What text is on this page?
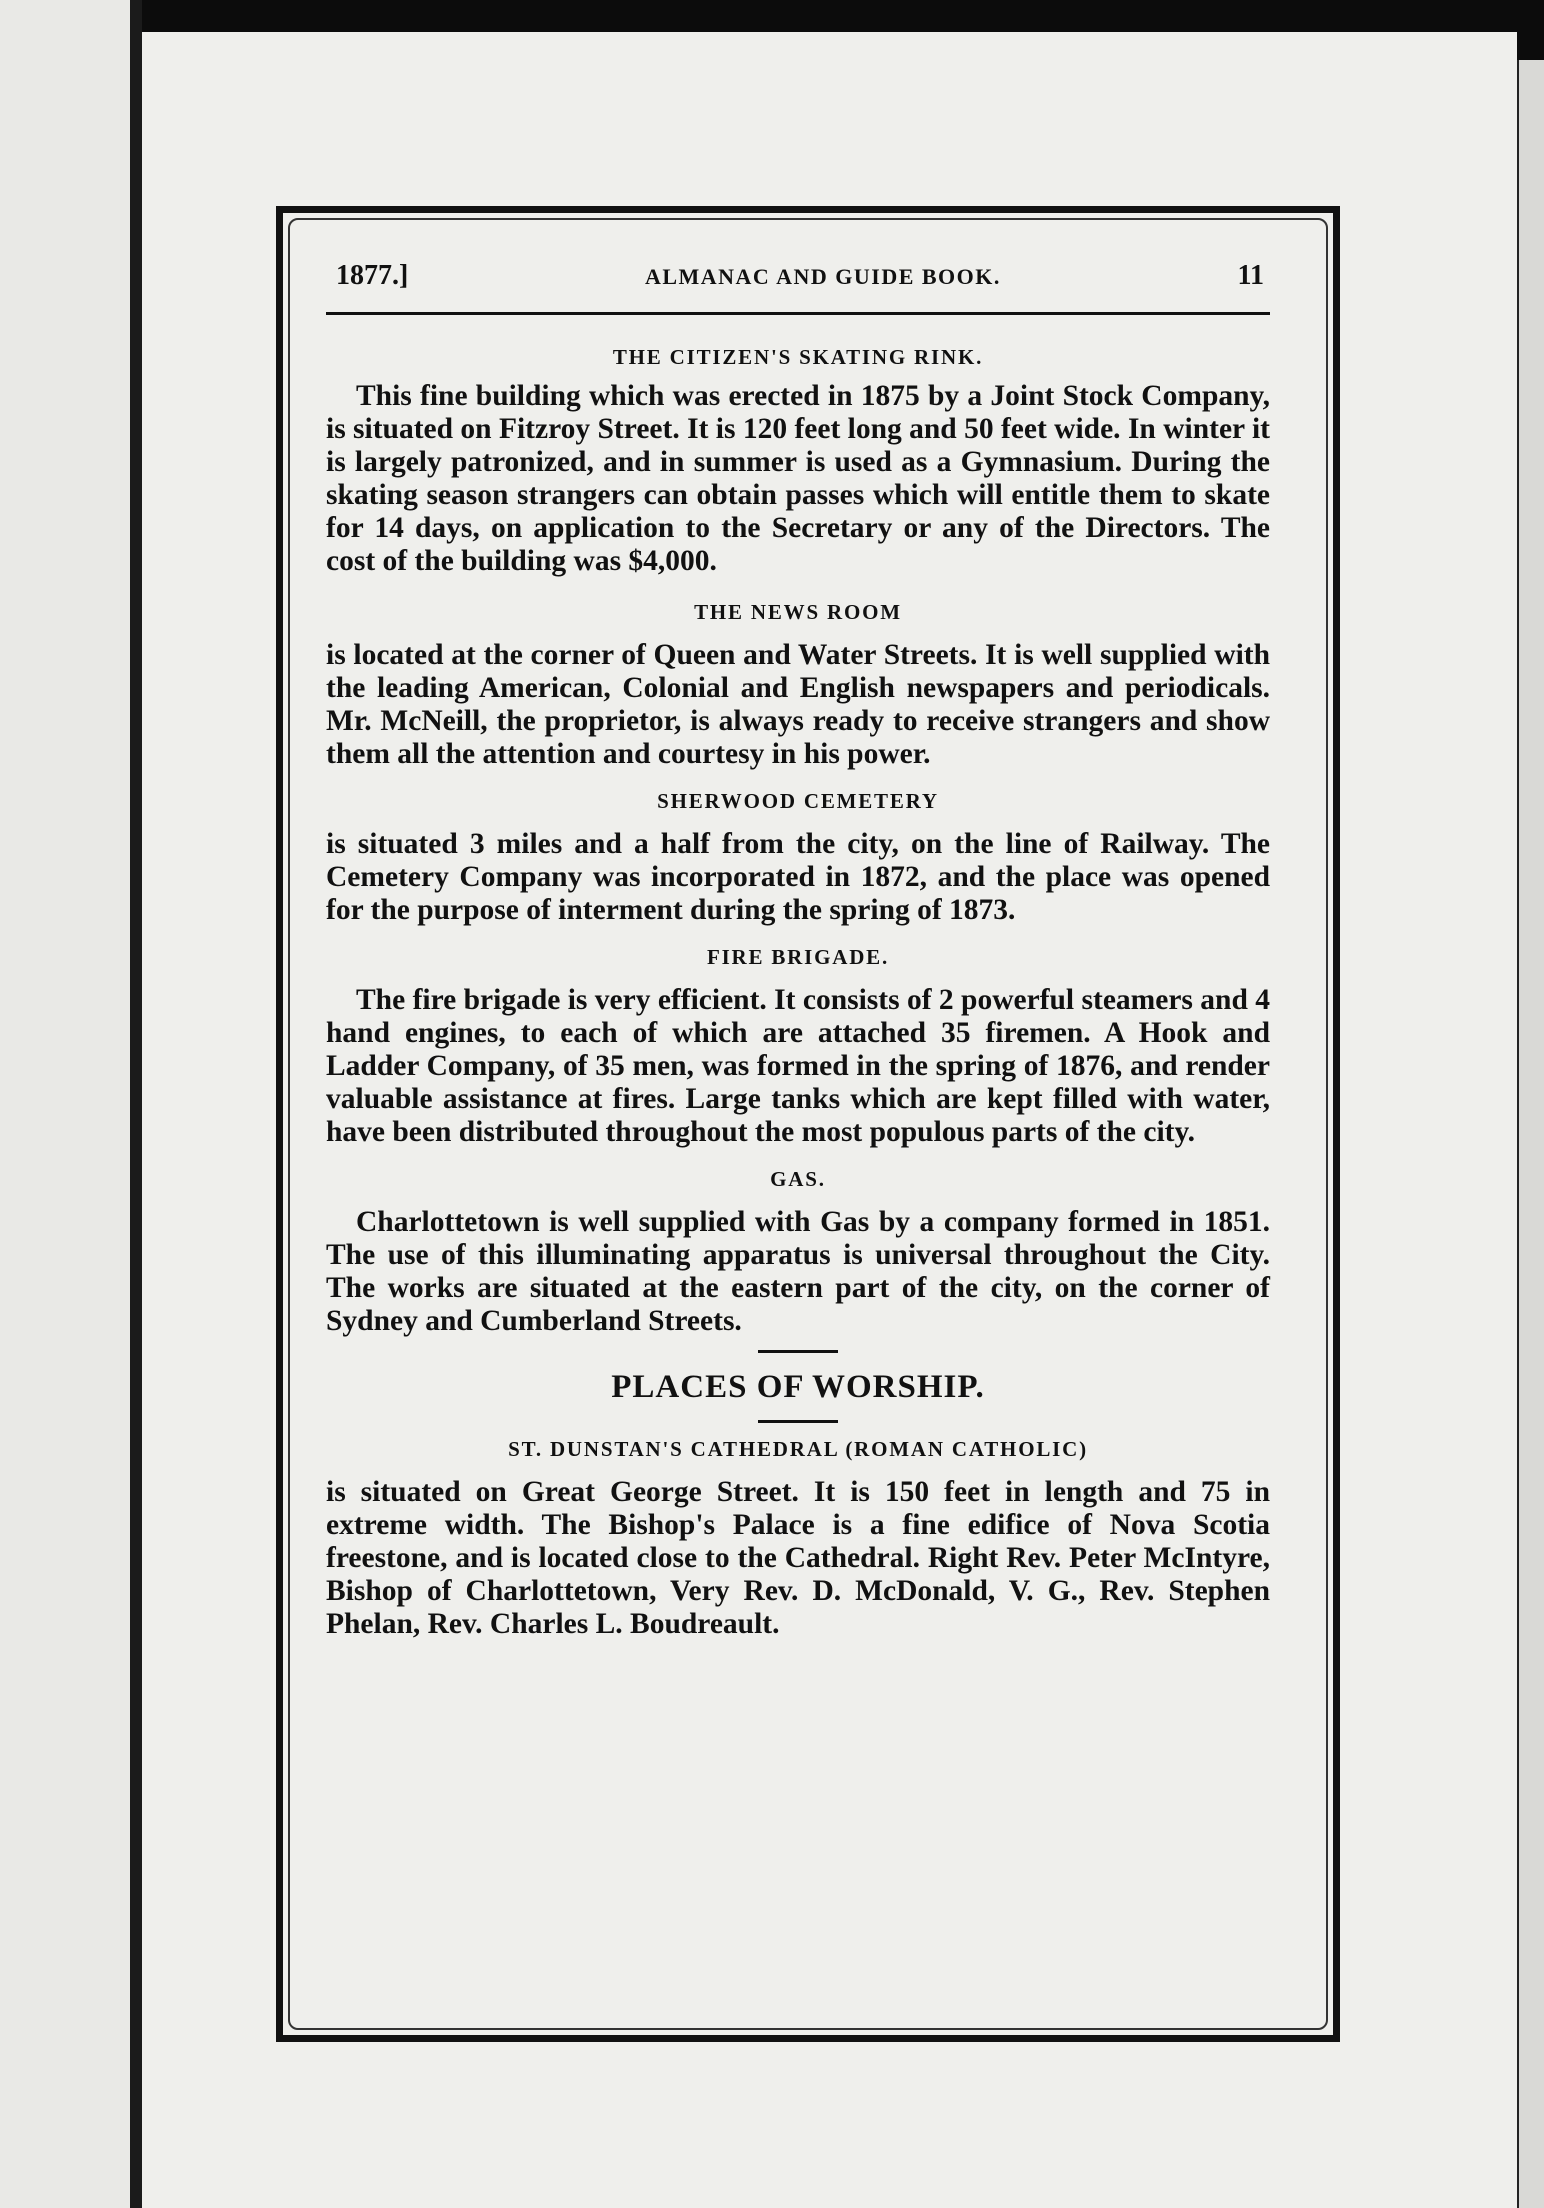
1877.]	ALMANAC AND GUIDE BOOK.	11
THE CITIZEN'S SKATING RINK.

This fine building which was erected in 1875 by a Joint Stock Company, is situated on Fitzroy Street. It is 120 feet long and 50 feet wide. In winter it is largely patronized, and in summer is used as a Gymnasium. During the skating season strangers can obtain passes which will entitle them to skate for 14 days, on application to the Secretary or any of the Directors. The cost of the building was $4,000.

THE NEWS ROOM

is located at the corner of Queen and Water Streets. It is well supplied with the leading American, Colonial and English newspapers and periodicals. Mr. McNeill, the proprietor, is always ready to receive strangers and show them all the attention and courtesy in his power.

SHERWOOD CEMETERY

is situated 3 miles and a half from the city, on the line of Railway. The Cemetery Company was incorporated in 1872, and the place was opened for the purpose of interment during the spring of 1873.

FIRE BRIGADE.

The fire brigade is very efficient. It consists of 2 powerful steamers and 4 hand engines, to each of which are attached 35 firemen. A Hook and Ladder Company, of 35 men, was formed in the spring of 1876, and render valuable assistance at fires. Large tanks which are kept filled with water, have been distributed throughout the most populous parts of the city.

GAS.

Charlottetown is well supplied with Gas by a company formed in 1851. The use of this illuminating apparatus is universal throughout the City. The works are situated at the eastern part of the city, on the corner of Sydney and Cumberland Streets.

PLACES OF WORSHIP.
ST. DUNSTAN'S CATHEDRAL (ROMAN CATHOLIC)

is situated on Great George Street. It is 150 feet in length and 75 in extreme width. The Bishop's Palace is a fine edifice of Nova Scotia freestone, and is located close to the Cathedral. Right Rev. Peter McIntyre, Bishop of Charlottetown, Very Rev. D. McDonald, V. G., Rev. Stephen Phelan, Rev. Charles L. Boudreault.
